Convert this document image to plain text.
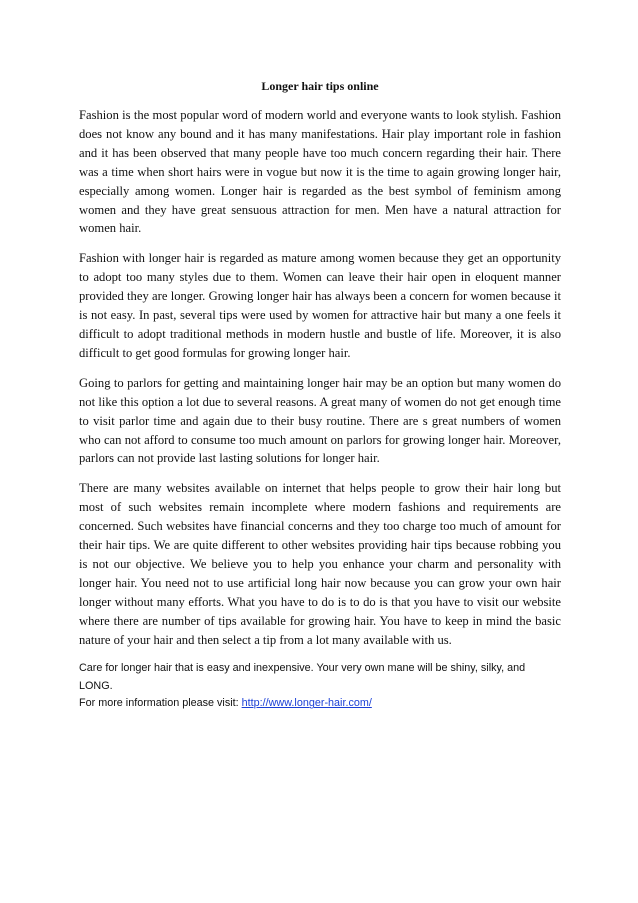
Longer hair tips online

Fashion is the most popular word of modern world and everyone wants to look stylish. Fashion does not know any bound and it has many manifestations. Hair play important role in fashion and it has been observed that many people have too much concern regarding their hair. There was a time when short hairs were in vogue but now it is the time to again growing longer hair, especially among women. Longer hair is regarded as the best symbol of feminism among women and they have great sensuous attraction for men. Men have a natural attraction for women hair.

Fashion with longer hair is regarded as mature among women because they get an opportunity to adopt too many styles due to them. Women can leave their hair open in eloquent manner provided they are longer. Growing longer hair has always been a concern for women because it is not easy. In past, several tips were used by women for attractive hair but many a one feels it difficult to adopt traditional methods in modern hustle and bustle of life. Moreover, it is also difficult to get good formulas for growing longer hair.

Going to parlors for getting and maintaining longer hair may be an option but many women do not like this option a lot due to several reasons. A great many of women do not get enough time to visit parlor time and again due to their busy routine. There are s great numbers of women who can not afford to consume too much amount on parlors for growing longer hair. Moreover, parlors can not provide last lasting solutions for longer hair.

There are many websites available on internet that helps people to grow their hair long but most of such websites remain incomplete where modern fashions and requirements are concerned. Such websites have financial concerns and they too charge too much of amount for their hair tips. We are quite different to other websites providing hair tips because robbing you is not our objective. We believe you to help you enhance your charm and personality with longer hair. You need not to use artificial long hair now because you can grow your own hair longer without many efforts. What you have to do is to do is that you have to visit our website where there are number of tips available for growing hair. You have to keep in mind the basic nature of your hair and then select a tip from a lot many available with us.

Care for longer hair that is easy and inexpensive. Your very own mane will be shiny, silky, and LONG.
For more information please visit: http://www.longer-hair.com/
